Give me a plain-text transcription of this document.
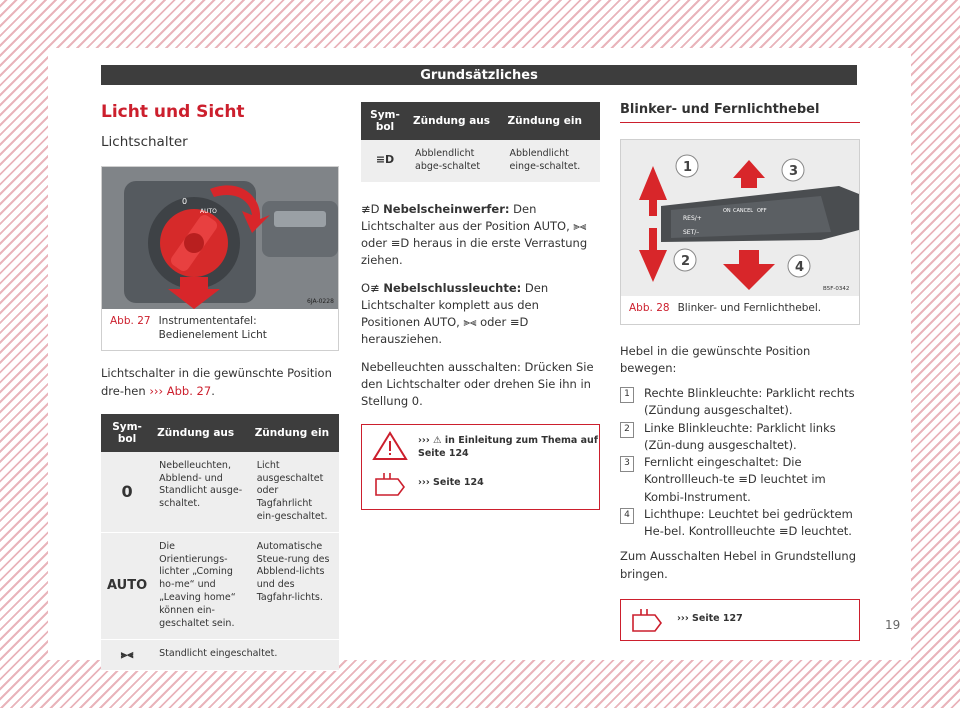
Grundsätzliches
Licht und Sicht
Lichtschalter
0
AUTO
6JA-0228
Abb. 27 Instrumententafel: Bedienelement Licht
Lichtschalter in die gewünschte Position dre-hen ››› Abb. 27.
Sym-bol	Zündung aus	Zündung ein
0	Nebelleuchten, Abblend- und Standlicht ausge-schaltet.	Licht ausgeschaltet oder Tagfahrlicht ein-geschaltet.
AUTO	Die Orientierungs-lichter „Coming ho-me“ und „Leaving home“ können ein-geschaltet sein.	Automatische Steue-rung des Abblend-lichts und des Tagfahr-lichts.
⫸⫷	Standlicht eingeschaltet.	
Sym-bol	Zündung aus	Zündung ein
≡D	Abblendlicht abge-schaltet	Abblendlicht einge-schaltet.
≢D Nebelscheinwerfer: Den Lichtschalter aus der Position AUTO, ⫸⫷ oder ≡D heraus in die erste Verrastung ziehen.
O≢ Nebelschlussleuchte: Den Lichtschalter komplett aus den Positionen AUTO, ⫸⫷ oder ≡D herausziehen.
Nebelleuchten ausschalten: Drücken Sie den Lichtschalter oder drehen Sie ihn in Stellung 0.
››› ⚠ in Einleitung zum Thema auf
Seite 124
››› Seite 124
Blinker- und Fernlichthebel
RES/+
SET/–
ON CANCEL OFF
1
2
3
4
B5F-0342
Abb. 28 Blinker- und Fernlichthebel.
Hebel in die gewünschte Position bewegen:
1	Rechte Blinkleuchte: Parklicht rechts (Zündung ausgeschaltet).
2	Linke Blinkleuchte: Parklicht links (Zün-dung ausgeschaltet).
3	Fernlicht eingeschaltet: Die Kontrollleuch-te ≡D leuchtet im Kombi-Instrument.
4	Lichthupe: Leuchtet bei gedrücktem He-bel. Kontrollleuchte ≡D leuchtet.
Zum Ausschalten Hebel in Grundstellung bringen.
››› Seite 127	19
